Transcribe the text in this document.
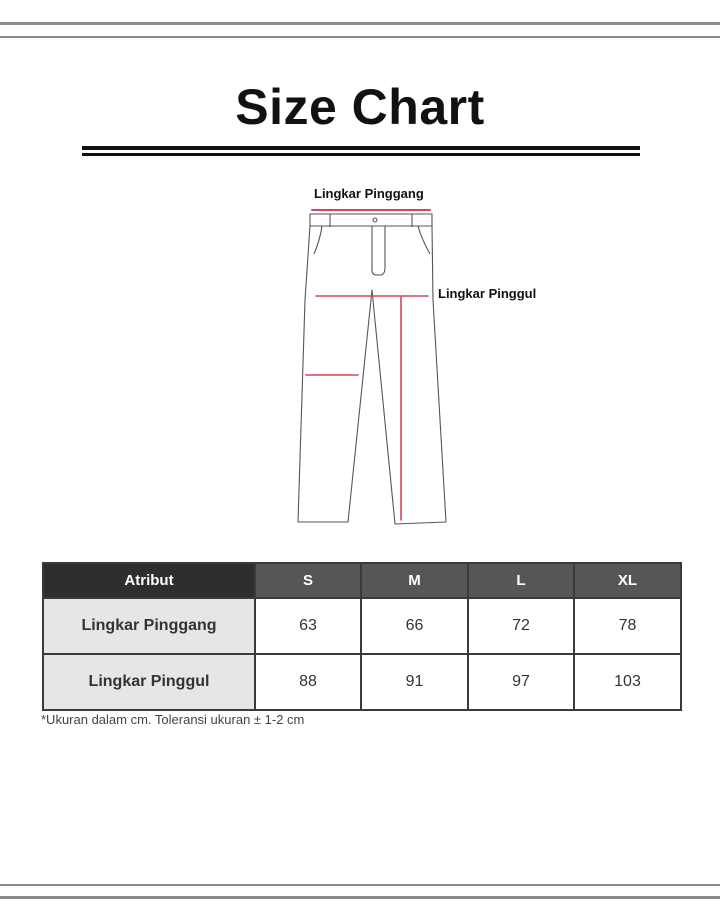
Size Chart
Lingkar Pinggang
Lingkar Pinggul
Atribut	S	M	L	XL
Lingkar Pinggang	63	66	72	78
Lingkar Pinggul	88	91	97	103
*Ukuran dalam cm. Toleransi ukuran ± 1-2 cm
